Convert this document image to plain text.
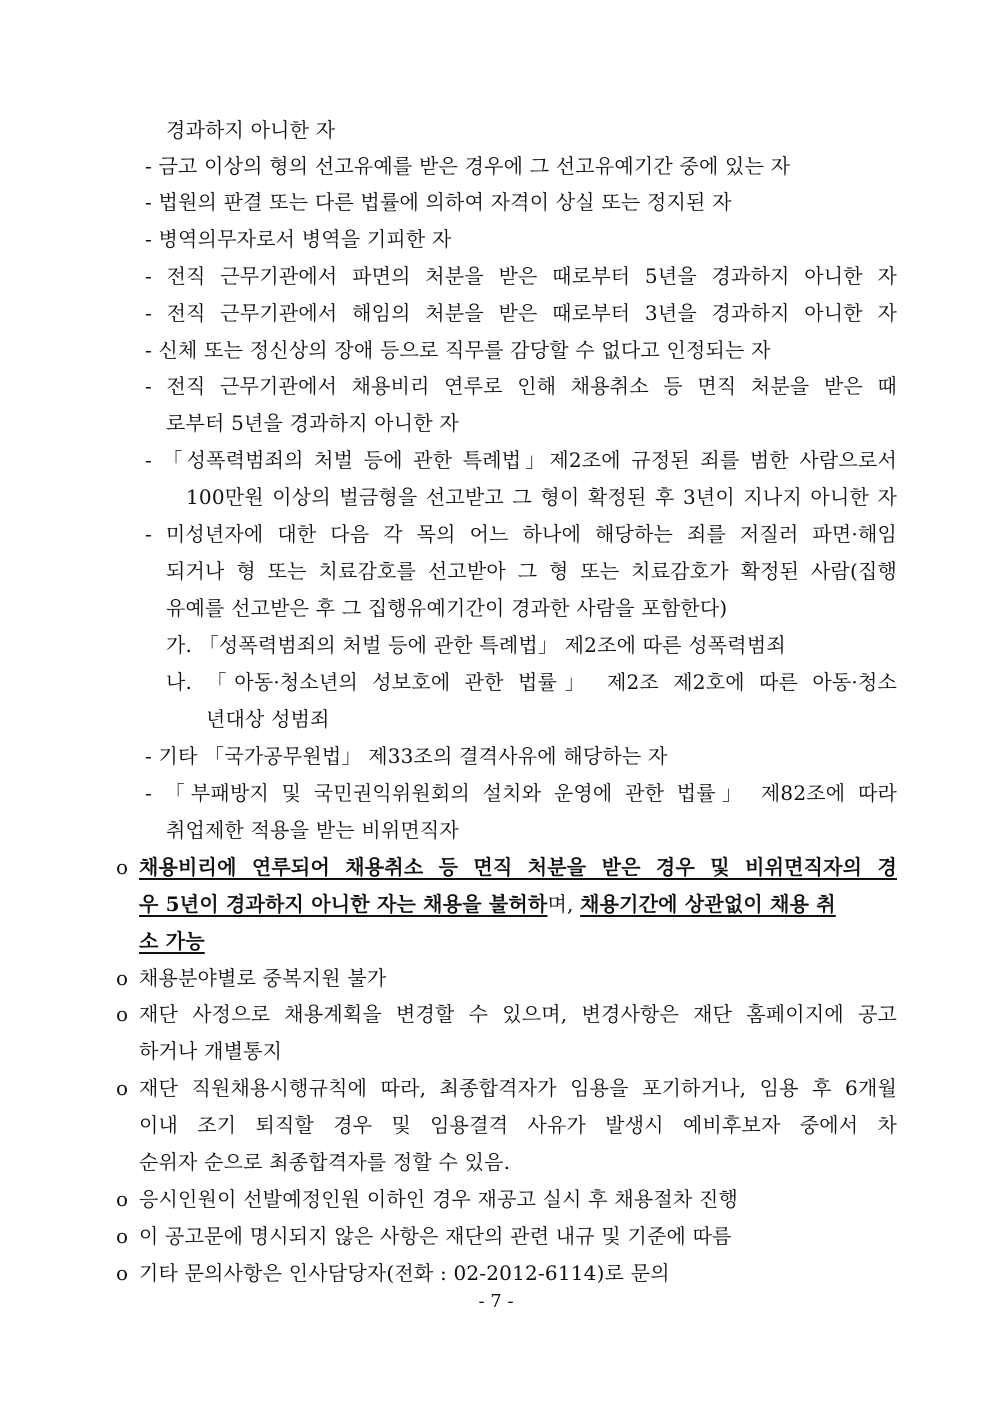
경과하지 아니한 자
- 금고 이상의 형의 선고유예를 받은 경우에 그 선고유예기간 중에 있는 자
- 법원의 판결 또는 다른 법률에 의하여 자격이 상실 또는 정지된 자
- 병역의무자로서 병역을 기피한 자
- 전직 근무기관에서 파면의 처분을 받은 때로부터 5년을 경과하지 아니한 자
- 전직 근무기관에서 해임의 처분을 받은 때로부터 3년을 경과하지 아니한 자
- 신체 또는 정신상의 장애 등으로 직무를 감당할 수 없다고 인정되는 자
- 전직 근무기관에서 채용비리 연루로 인해 채용취소 등 면직 처분을 받은 때
로부터 5년을 경과하지 아니한 자
- 「성폭력범죄의 처벌 등에 관한 특례법」제2조에 규정된 죄를 범한 사람으로서
100만원 이상의 벌금형을 선고받고 그 형이 확정된 후 3년이 지나지 아니한 자
- 미성년자에 대한 다음 각 목의 어느 하나에 해당하는 죄를 저질러 파면·해임
되거나 형 또는 치료감호를 선고받아 그 형 또는 치료감호가 확정된 사람(집행
유예를 선고받은 후 그 집행유예기간이 경과한 사람을 포함한다)
가. 「성폭력범죄의 처벌 등에 관한 특례법」 제2조에 따른 성폭력범죄
나. 「아동·청소년의 성보호에 관한 법률」 제2조 제2호에 따른 아동·청소
년대상 성범죄
- 기타 「국가공무원법」 제33조의 결격사유에 해당하는 자
- 「부패방지 및 국민권익위원회의 설치와 운영에 관한 법률」 제82조에 따라
취업제한 적용을 받는 비위면직자
o 채용비리에 연루되어 채용취소 등 면직 처분을 받은 경우 및 비위면직자의 경
우 5년이 경과하지 아니한 자는 채용을 불허하며, 채용기간에 상관없이 채용 취
소 가능
o 채용분야별로 중복지원 불가
o 재단 사정으로 채용계획을 변경할 수 있으며, 변경사항은 재단 홈페이지에 공고
하거나 개별통지
o 재단 직원채용시행규칙에 따라, 최종합격자가 임용을 포기하거나, 임용 후 6개월
이내 조기 퇴직할 경우 및 임용결격 사유가 발생시 예비후보자 중에서 차
순위자 순으로 최종합격자를 정할 수 있음.
o 응시인원이 선발예정인원 이하인 경우 재공고 실시 후 채용절차 진행
o 이 공고문에 명시되지 않은 사항은 재단의 관련 내규 및 기준에 따름
o 기타 문의사항은 인사담당자(전화 : 02-2012-6114)로 문의
- 7 -
